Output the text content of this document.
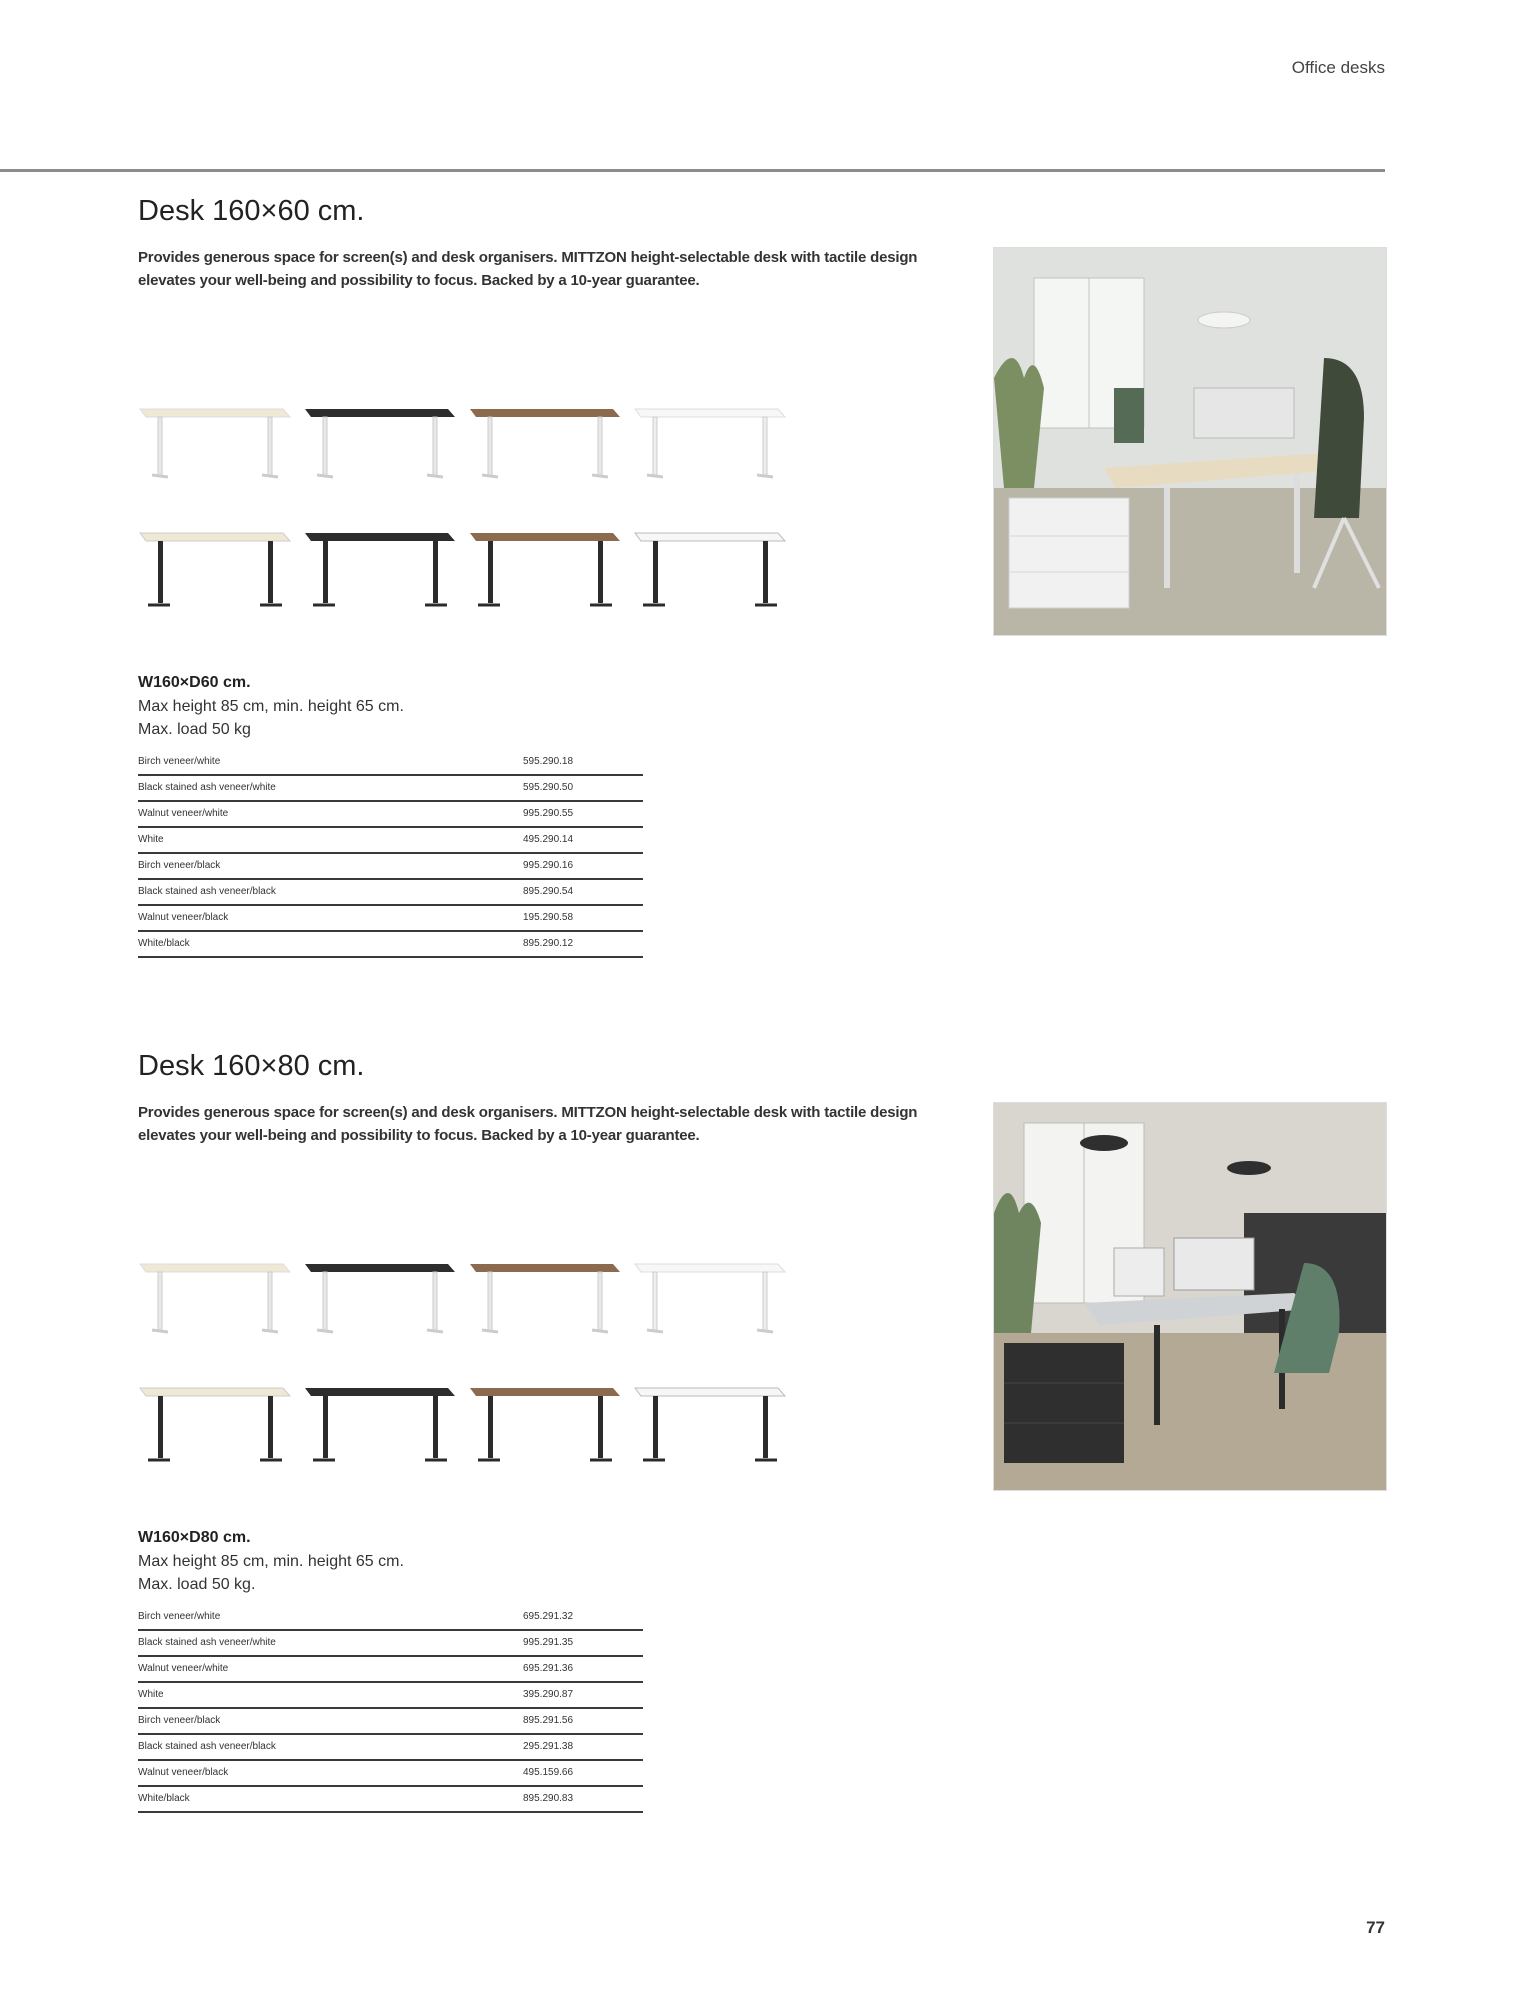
Office desks
Desk 160×60 cm.
Provides generous space for screen(s) and desk organisers. MITTZON height-selectable desk with tactile design elevates your well-being and possibility to focus. Backed by a 10-year guarantee.
W160×D60 cm.
Max height 85 cm, min. height 65 cm.
Max. load 50 kg
Birch veneer/white	595.290.18
Black stained ash veneer/white	595.290.50
Walnut veneer/white	995.290.55
White	495.290.14
Birch veneer/black	995.290.16
Black stained ash veneer/black	895.290.54
Walnut veneer/black	195.290.58
White/black	895.290.12
Desk 160×80 cm.
Provides generous space for screen(s) and desk organisers. MITTZON height-selectable desk with tactile design elevates your well-being and possibility to focus. Backed by a 10-year guarantee.
W160×D80 cm.
Max height 85 cm, min. height 65 cm.
Max. load 50 kg.
Birch veneer/white	695.291.32
Black stained ash veneer/white	995.291.35
Walnut veneer/white	695.291.36
White	395.290.87
Birch veneer/black	895.291.56
Black stained ash veneer/black	295.291.38
Walnut veneer/black	495.159.66
White/black	895.290.83
77
